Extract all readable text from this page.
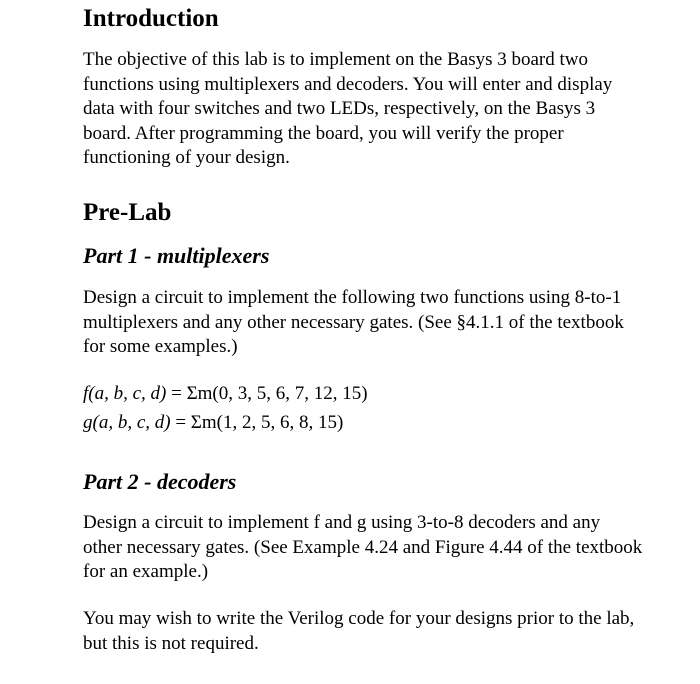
Introduction
The objective of this lab is to implement on the Basys 3 board two functions using multiplexers and decoders. You will enter and display data with four switches and two LEDs, respectively, on the Basys 3 board. After programming the board, you will verify the proper functioning of your design.
Pre-Lab
Part 1 - multiplexers
Design a circuit to implement the following two functions using 8-to-1 multiplexers and any other necessary gates. (See §4.1.1 of the textbook for some examples.)
f(a, b, c, d) = Σm(0, 3, 5, 6, 7, 12, 15)
g(a, b, c, d) = Σm(1, 2, 5, 6, 8, 15)
Part 2 - decoders
Design a circuit to implement f and g using 3-to-8 decoders and any other necessary gates. (See Example 4.24 and Figure 4.44 of the textbook for an example.)
You may wish to write the Verilog code for your designs prior to the lab, but this is not required.
